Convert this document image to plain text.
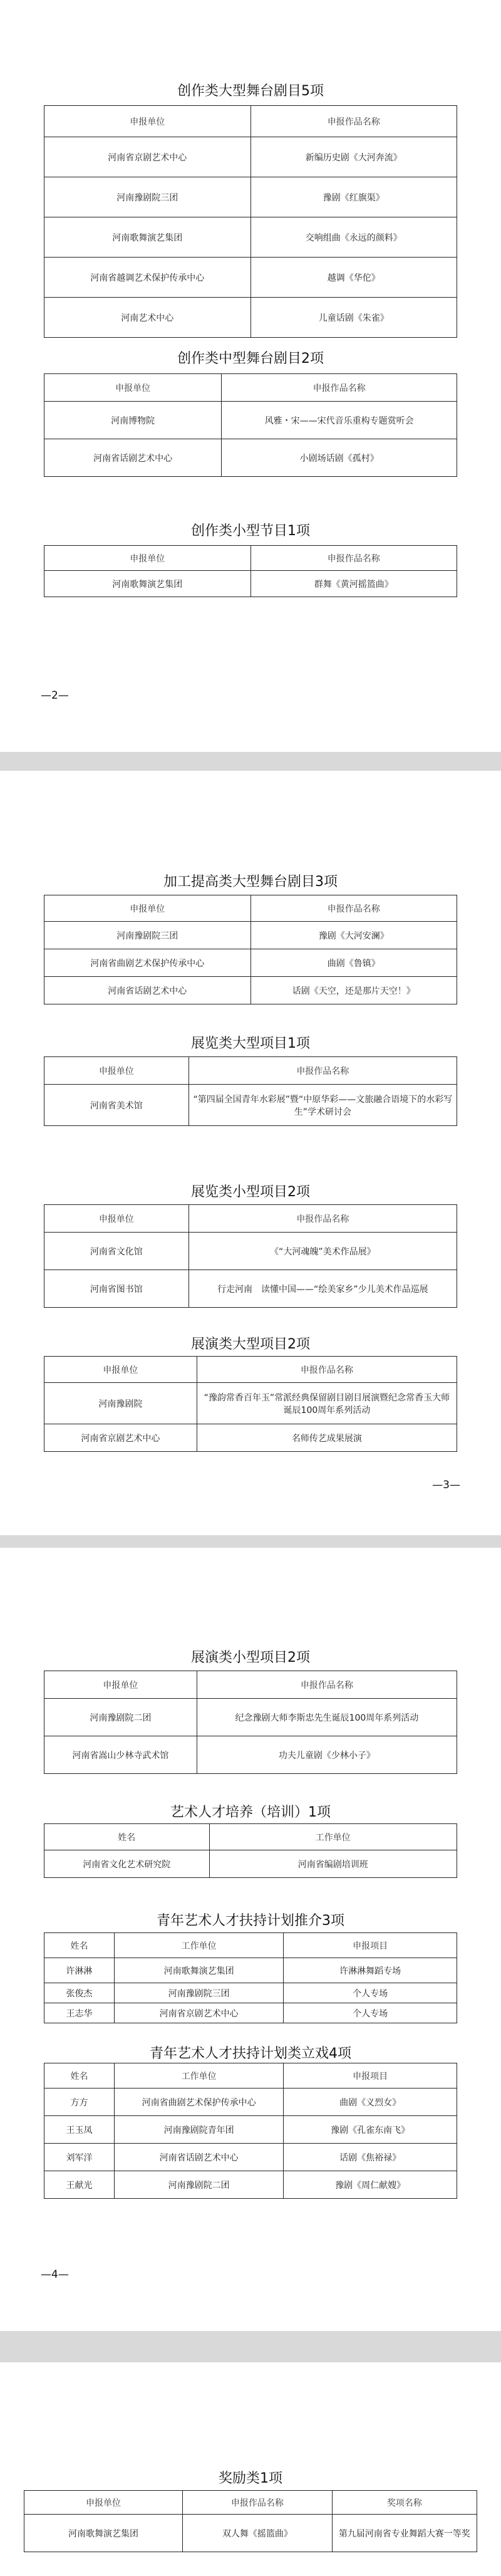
创作类大型舞台剧目5项
申报单位	申报作品名称
河南省京剧艺术中心	新编历史剧《大河奔流》
河南豫剧院三团	豫剧《红旗渠》
河南歌舞演艺集团	交响组曲《永远的颜料》
河南省越调艺术保护传承中心	越调《华佗》
河南艺术中心	儿童话剧《朱雀》
创作类中型舞台剧目2项
申报单位	申报作品名称
河南博物院	风雅・宋——宋代音乐重构专题赏听会
河南省话剧艺术中心	小剧场话剧《孤村》
创作类小型节目1项
申报单位	申报作品名称
河南歌舞演艺集团	群舞《黄河摇篮曲》
—2—
加工提高类大型舞台剧目3项
申报单位	申报作品名称
河南豫剧院三团	豫剧《大河安澜》
河南省曲剧艺术保护传承中心	曲剧《鲁镇》
河南省话剧艺术中心	话剧《天空，还是那片天空！》
展览类大型项目1项
申报单位	申报作品名称
河南省美术馆	“第四届全国青年水彩展”暨“中原华彩——文旅融合语境下的水彩写生”学术研讨会
展览类小型项目2项
申报单位	申报作品名称
河南省文化馆	《“大河魂魄”美术作品展》
河南省图书馆	行走河南　读懂中国——“绘美家乡”少儿美术作品巡展
展演类大型项目2项
申报单位	申报作品名称
河南豫剧院	“豫韵常香百年玉”常派经典保留剧目剧目展演暨纪念常香玉大师诞辰100周年系列活动
河南省京剧艺术中心	名师传艺成果展演
—3—
展演类小型项目2项
申报单位	申报作品名称
河南豫剧院二团	纪念豫剧大师李斯忠先生诞辰100周年系列活动
河南省嵩山少林寺武术馆	功夫儿童剧《少林小子》
艺术人才培养（培训）1项
姓名	工作单位
河南省文化艺术研究院	河南省编剧培训班
青年艺术人才扶持计划推介3项
姓名	工作单位	申报项目
许淋淋	河南歌舞演艺集团	许淋淋舞蹈专场
张俊杰	河南豫剧院三团	个人专场
王志华	河南省京剧艺术中心	个人专场
青年艺术人才扶持计划类立戏4项
姓名	工作单位	申报项目
方方	河南省曲剧艺术保护传承中心	曲剧《义烈女》
王玉凤	河南豫剧院青年团	豫剧《孔雀东南飞》
刘军洋	河南省话剧艺术中心	话剧《焦裕禄》
王献光	河南豫剧院二团	豫剧《周仁献嫂》
—4—
奖励类1项
申报单位	申报作品名称	奖项名称
河南歌舞演艺集团	双人舞《摇篮曲》	第九届河南省专业舞蹈大赛一等奖
